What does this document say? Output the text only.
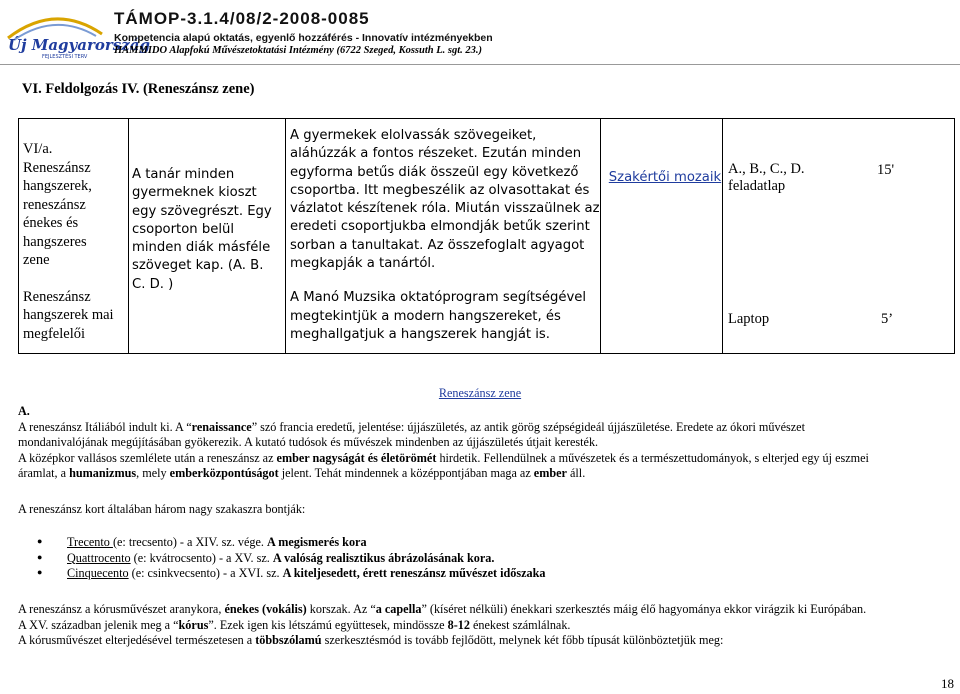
Új Magyarország
FEJLESZTÉSI TERV
TÁMOP-3.1.4/08/2-2008-0085
Kompetencia alapú oktatás, egyenlő hozzáférés - Innovatív intézményekben
HAMMIDO Alapfokú Művészetoktatási Intézmény (6722 Szeged, Kossuth L. sgt. 23.)
VI. Feldolgozás IV. (Reneszánsz zene)
VI/a.
Reneszánsz
hangszerek,
reneszánsz
énekes és
hangszeres
zene
Reneszánsz
hangszerek mai
megfelelői
A tanár minden
gyermeknek kioszt
egy szövegrészt. Egy
csoporton belül
minden diák másféle
szöveget kap. (A. B.
C. D. )
A gyermekek elolvassák szövegeiket,
aláhúzzák a fontos részeket. Ezután minden
egyforma betűs diák összeül egy következő
csoportba. Itt megbeszélik az olvasottakat és
vázlatot készítenek róla. Miután visszaülnek az
eredeti csoportjukba elmondják betűk szerint
sorban a tanultakat. Az összefoglalt agyagot
megkapják a tanártól.
A Manó Muzsika oktatóprogram segítségével
megtekintjük a modern hangszereket, és
meghallgatjuk a hangszerek hangját is.
Szakértői mozaik
A., B., C., D.
feladatlap
Laptop
15'
5’
Reneszánsz zene
A.
A reneszánsz Itáliából indult ki. A “renaissance” szó francia eredetű, jelentése: újjászületés, az antik görög szépségideál újjászületése. Eredete az ókori művészet
mondanivalójának megújításában gyökerezik. A kutató tudósok és művészek mindenben az újjászületés útjait keresték.
A középkor vallásos szemlélete után a reneszánsz az ember nagyságát és életörömét hirdetik. Fellendülnek a művészetek és a természettudományok, s elterjed egy új eszmei
áramlat, a humanizmus, mely emberközpontúságot jelent. Tehát mindennek a középpontjában maga az ember áll.
A reneszánsz kort általában három nagy szakaszra bontják:
● Trecento (e: trecsento) - a XIV. sz. vége. A megismerés kora
● Quattrocento (e: kvátrocsento) - a XV. sz. A valóság realisztikus ábrázolásának kora.
● Cinquecento (e: csinkvecsento) - a XVI. sz. A kiteljesedett, érett reneszánsz művészet időszaka
A reneszánsz a kórusművészet aranykora, énekes (vokális) korszak. Az “a capella” (kíséret nélküli) énekkari szerkesztés máig élő hagyománya ekkor virágzik ki Európában.
A XV. században jelenik meg a “kórus”. Ezek igen kis létszámú együttesek, mindössze 8-12 énekest számlálnak.
A kórusművészet elterjedésével természetesen a többszólamú szerkesztésmód is tovább fejlődött, melynek két főbb típusát különböztetjük meg:
18
